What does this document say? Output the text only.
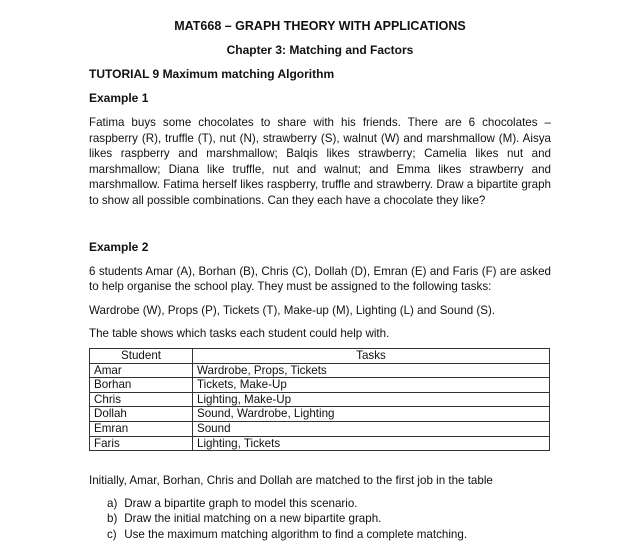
MAT668 – GRAPH THEORY WITH APPLICATIONS
Chapter 3: Matching and Factors
TUTORIAL 9 Maximum matching Algorithm
Example 1

Fatima buys some chocolates to share with his friends. There are 6 chocolates – raspberry (R), truffle (T), nut (N), strawberry (S), walnut (W) and marshmallow (M). Aisya likes raspberry and marshmallow; Balqis likes strawberry; Camelia likes nut and marshmallow; Diana like truffle, nut and walnut; and Emma likes strawberry and marshmallow. Fatima herself likes raspberry, truffle and strawberry. Draw a bipartite graph to show all possible combinations. Can they each have a chocolate they like?

Example 2

6 students Amar (A), Borhan (B), Chris (C), Dollah (D), Emran (E) and Faris (F) are asked to help organise the school play. They must be assigned to the following tasks:

Wardrobe (W), Props (P), Tickets (T), Make-up (M), Lighting (L) and Sound (S).

The table shows which tasks each student could help with.

Student	Tasks
Amar	Wardrobe, Props, Tickets
Borhan	Tickets, Make-Up
Chris	Lighting, Make-Up
Dollah	Sound, Wardrobe, Lighting
Emran	Sound
Faris	Lighting, Tickets

Initially, Amar, Borhan, Chris and Dollah are matched to the first job in the table

a) Draw a bipartite graph to model this scenario.
b) Draw the initial matching on a new bipartite graph.
c) Use the maximum matching algorithm to find a complete matching.
